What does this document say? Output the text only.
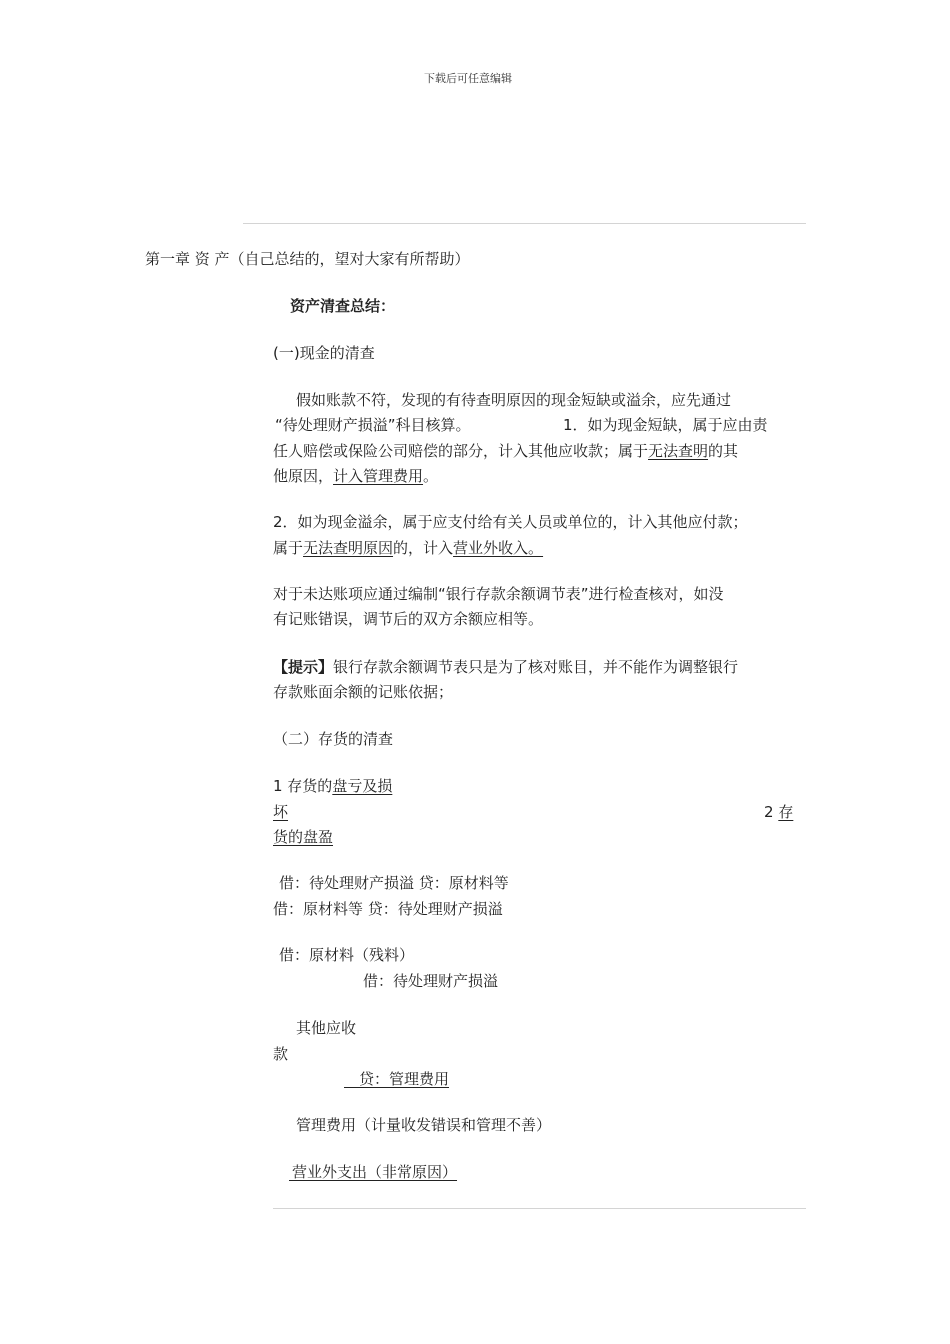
下载后可任意编辑
第一章 资 产（自己总结的，望对大家有所帮助）
资产清查总结：
(一)现金的清查
假如账款不符，发现的有待查明原因的现金短缺或溢余，应先通过
“待处理财产损溢”科目核算。	1．如为现金短缺，属于应由责
任人赔偿或保险公司赔偿的部分，计入其他应收款；属于无法查明的其
他原因，计入管理费用。
2．如为现金溢余，属于应支付给有关人员或单位的，计入其他应付款；
属于无法查明原因的，计入营业外收入。
对于未达账项应通过编制“银行存款余额调节表”进行检查核对，如没
有记账错误，调节后的双方余额应相等。
【提示】银行存款余额调节表只是为了核对账目，并不能作为调整银行
存款账面余额的记账依据；
（二）存货的清查
1 存货的盘亏及损
坏	2 存
货的盘盈
借：待处理财产损溢 贷：原材料等
借：原材料等 贷：待处理财产损溢
借：原材料（残料）
借：待处理财产损溢
其他应收
款
 贷：管理费用
管理费用（计量收发错误和管理不善）
 营业外支出（非常原因）
